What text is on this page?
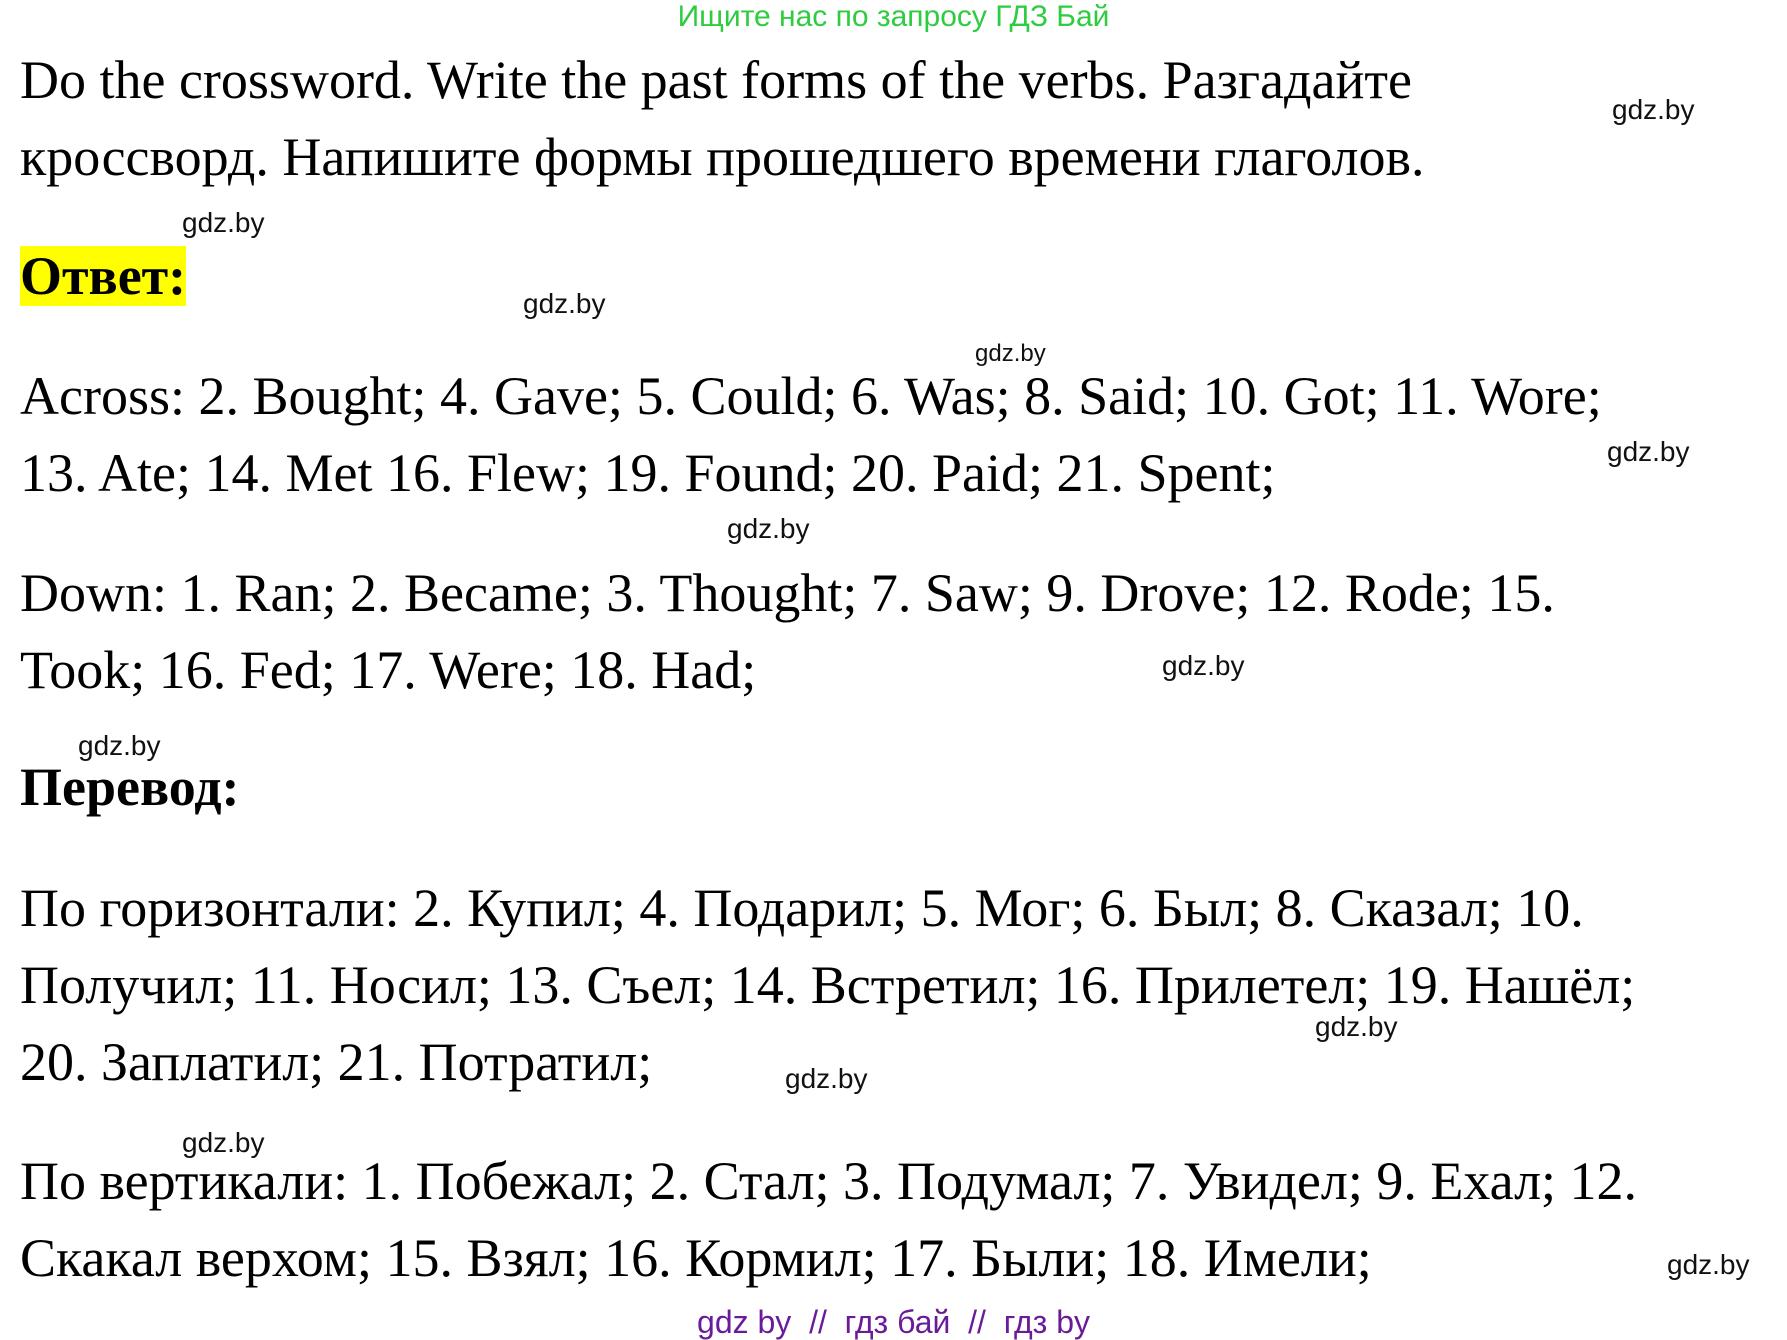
Ищите нас по запросу ГДЗ Бай
Do the crossword. Write the past forms of the verbs. Разгадайте
кроссворд. Напишите формы прошедшего времени глаголов.
Ответ:
Across: 2. Bought; 4. Gave; 5. Could; 6. Was; 8. Said; 10. Got; 11. Wore;
13. Ate; 14. Met 16. Flew; 19. Found; 20. Paid; 21. Spent;
Down: 1. Ran; 2. Became; 3. Thought; 7. Saw; 9. Drove; 12. Rode; 15.
Took; 16. Fed; 17. Were; 18. Had;
Перевод:
По горизонтали: 2. Купил; 4. Подарил; 5. Мог; 6. Был; 8. Сказал; 10.
Получил; 11. Носил; 13. Съел; 14. Встретил; 16. Прилетел; 19. Нашёл;
20. Заплатил; 21. Потратил;
По вертикали: 1. Побежал; 2. Стал; 3. Подумал; 7. Увидел; 9. Ехал; 12.
Скакал верхом; 15. Взял; 16. Кормил; 17. Были; 18. Имели;
gdz.by
gdz.by
gdz.by
gdz.by
gdz.by
gdz.by
gdz.by
gdz.by
gdz.by
gdz.by
gdz.by
gdz.by
gdz by  //  гдз бай  //  гдз by
